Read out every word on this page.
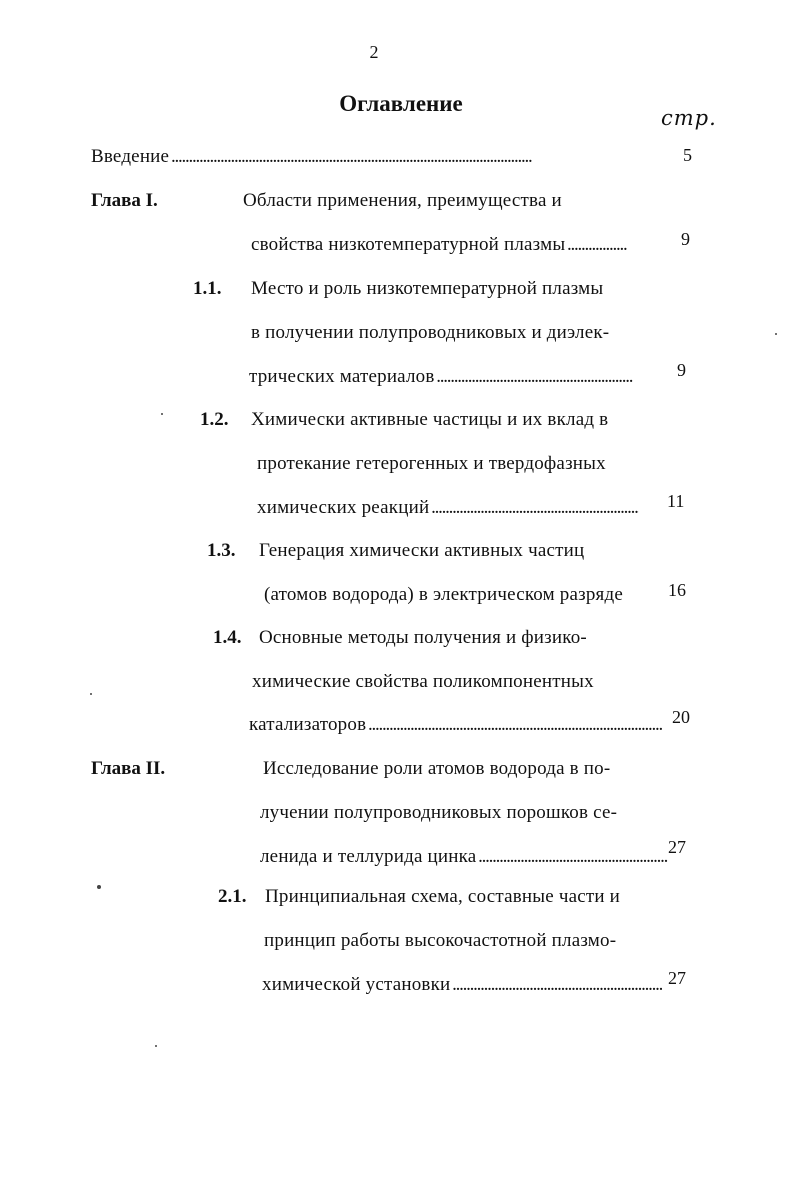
2
Оглавление
стр.
Введение . . .	5
Глава I.	Области применения, преимущества и
свойства низкотемпературной плазмы . . .	9
1.1. Место и роль низкотемпературной плазмы
в получении полупроводниковых и диэлек-
трических материалов . . .	9
1.2. Химически активные частицы и их вклад в
протекание гетерогенных и твердофазных
химических реакций . . .	11
1.3. Генерация химически активных частиц
(атомов водорода) в электрическом разряде	16
1.4. Основные методы получения и физико-
химические свойства поликомпонентных
катализаторов . . .	20
Глава II.	Исследование роли атомов водорода в по-
лучении полупроводниковых порошков се-
ленида и теллурида цинка . . .	27
2.1. Принципиальная схема, составные части и
принцип работы высокочастотной плазмо-
химической установки . . .	27
